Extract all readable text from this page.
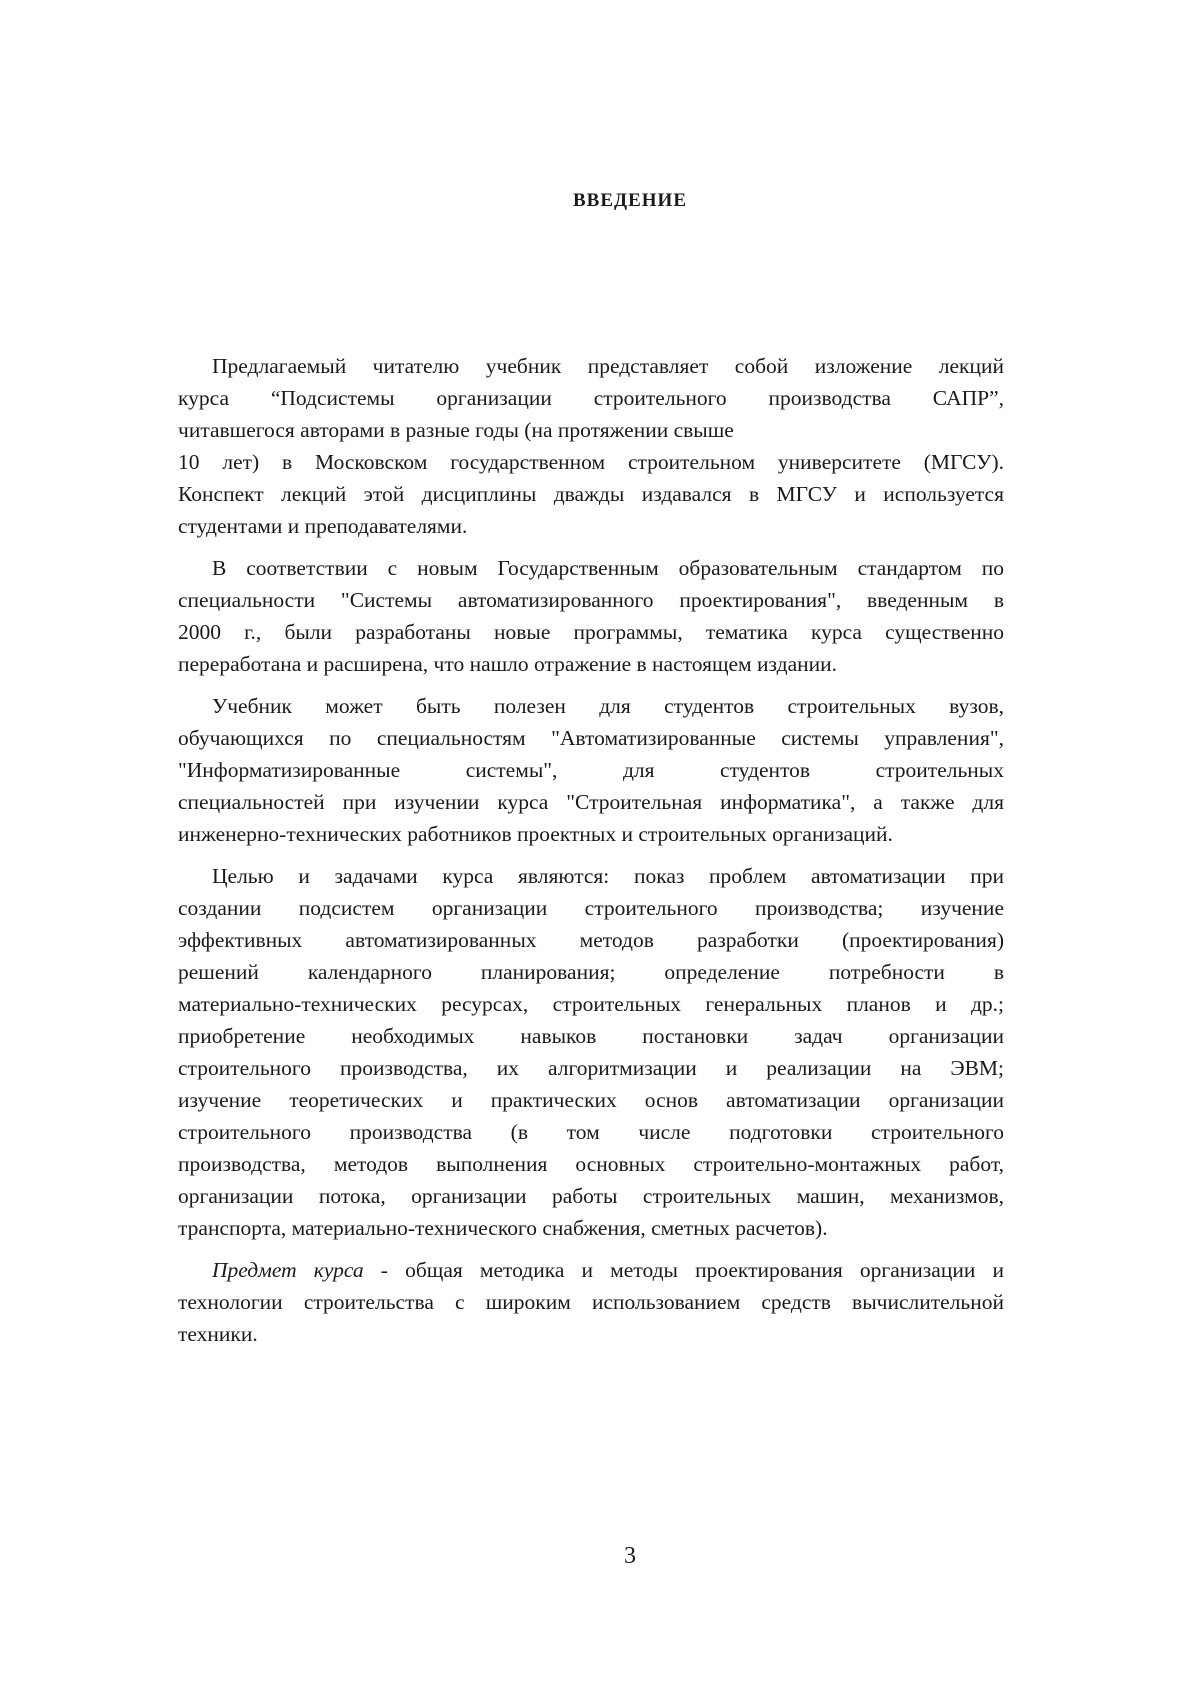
ВВЕДЕНИЕ
Предлагаемый читателю учебник представляет собой изложение лекций
курса “Подсистемы организации строительного производства САПР”,
читавшегося авторами в разные годы (на протяжении свыше
10 лет) в Московском государственном строительном университете (МГСУ).
Конспект лекций этой дисциплины дважды издавался в МГСУ и используется
студентами и преподавателями.
В соответствии с новым Государственным образовательным стандартом по
специальности "Системы автоматизированного проектирования", введенным в
2000 г., были разработаны новые программы, тематика курса существенно
переработана и расширена, что нашло отражение в настоящем издании.
Учебник может быть полезен для студентов строительных вузов,
обучающихся по специальностям "Автоматизированные системы управления",
"Информатизированные системы", для студентов строительных
специальностей при изучении курса "Строительная информатика", а также для
инженерно-технических работников проектных и строительных организаций.
Целью и задачами курса являются: показ проблем автоматизации при
создании подсистем организации строительного производства; изучение
эффективных автоматизированных методов разработки (проектирования)
решений календарного планирования; определение потребности в
материально-технических ресурсах, строительных генеральных планов и др.;
приобретение необходимых навыков постановки задач организации
строительного производства, их алгоритмизации и реализации на ЭВМ;
изучение теоретических и практических основ автоматизации организации
строительного производства (в том числе подготовки строительного
производства, методов выполнения основных строительно-монтажных работ,
организации потока, организации работы строительных машин, механизмов,
транспорта, материально-технического снабжения, сметных расчетов).
Предмет курса - общая методика и методы проектирования организации и
технологии строительства с широким использованием средств вычислительной
техники.

3
